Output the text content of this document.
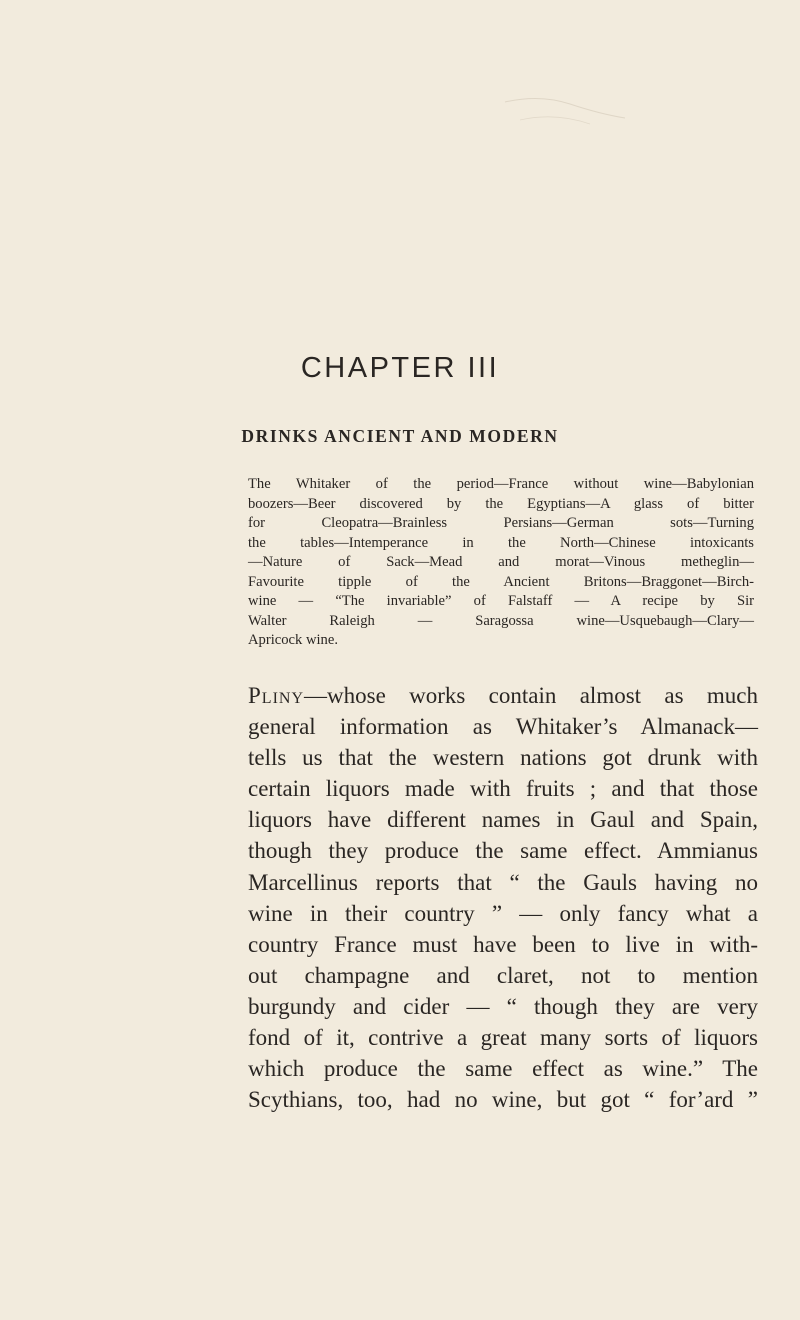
CHAPTER III
DRINKS ANCIENT AND MODERN
The Whitaker of the period—France without wine—Babylonian
boozers—Beer discovered by the Egyptians—A glass of bitter
for Cleopatra—Brainless Persians—German sots—Turning
the tables—Intemperance in the North—Chinese intoxicants
—Nature of Sack—Mead and morat—Vinous metheglin—
Favourite tipple of the Ancient Britons—Braggonet—Birch-
wine — “The invariable” of Falstaff — A recipe by Sir
Walter Raleigh — Saragossa wine—Usquebaugh—Clary—
Apricock wine.
Pliny—whose works contain almost as much
general information as Whitaker’s Almanack—
tells us that the western nations got drunk with
certain liquors made with fruits ; and that those
liquors have different names in Gaul and Spain,
though they produce the same effect. Ammianus
Marcellinus reports that “ the Gauls having no
wine in their country ” — only fancy what a
country France must have been to live in with-
out champagne and claret, not to mention
burgundy and cider — “ though they are very
fond of it, contrive a great many sorts of liquors
which produce the same effect as wine.” The
Scythians, too, had no wine, but got “ for’ard ”
